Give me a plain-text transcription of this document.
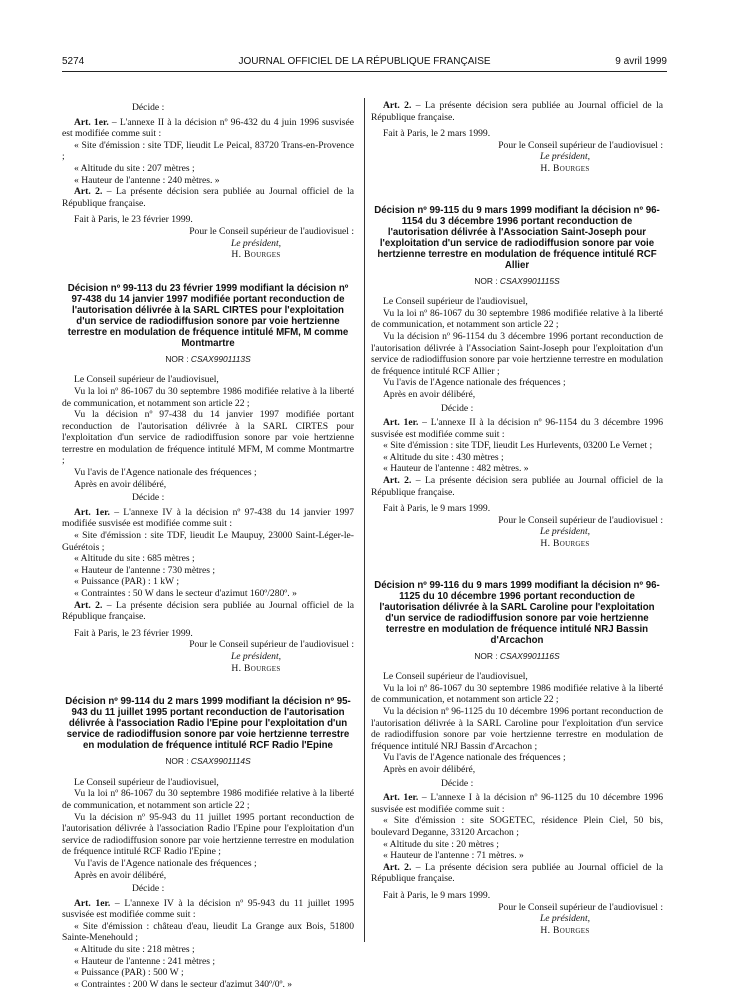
5274	JOURNAL OFFICIEL DE LA RÉPUBLIQUE FRANÇAISE	9 avril 1999

Décide :

Art. 1er. – L'annexe II à la décision nº 96-432 du 4 juin 1996 susvisée est modifiée comme suit :

« Site d'émission : site TDF, lieudit Le Peical, 83720 Trans-en-Provence ;

« Altitude du site : 207 mètres ;

« Hauteur de l'antenne : 240 mètres. »

Art. 2. – La présente décision sera publiée au Journal officiel de la République française.

Fait à Paris, le 23 février 1999.

Pour le Conseil supérieur de l'audiovisuel :

Le président,

H. Bourges

Décision nº 99-113 du 23 février 1999 modifiant la décision nº 97-438 du 14 janvier 1997 modifiée portant reconduction de l'autorisation délivrée à la SARL CIRTES pour l'exploitation d'un service de radiodiffusion sonore par voie hertzienne terrestre en modulation de fréquence intitulé MFM, M comme Montmartre

NOR : CSAX9901113S

Le Conseil supérieur de l'audiovisuel,

Vu la loi nº 86-1067 du 30 septembre 1986 modifiée relative à la liberté de communication, et notamment son article 22 ;

Vu la décision nº 97-438 du 14 janvier 1997 modifiée portant reconduction de l'autorisation délivrée à la SARL CIRTES pour l'exploitation d'un service de radiodiffusion sonore par voie hertzienne terrestre en modulation de fréquence intitulé MFM, M comme Montmartre ;

Vu l'avis de l'Agence nationale des fréquences ;

Après en avoir délibéré,

Décide :

Art. 1er. – L'annexe IV à la décision nº 97-438 du 14 janvier 1997 modifiée susvisée est modifiée comme suit :

« Site d'émission : site TDF, lieudit Le Maupuy, 23000 Saint-Léger-le-Guérétois ;

« Altitude du site : 685 mètres ;

« Hauteur de l'antenne : 730 mètres ;

« Puissance (PAR) : 1 kW ;

« Contraintes : 50 W dans le secteur d'azimut 160º/280º. »

Art. 2. – La présente décision sera publiée au Journal officiel de la République française.

Fait à Paris, le 23 février 1999.

Pour le Conseil supérieur de l'audiovisuel :

Le président,

H. Bourges

Décision nº 99-114 du 2 mars 1999 modifiant la décision nº 95-943 du 11 juillet 1995 portant reconduction de l'autorisation délivrée à l'association Radio l'Epine pour l'exploitation d'un service de radiodiffusion sonore par voie hertzienne terrestre en modulation de fréquence intitulé RCF Radio l'Epine

NOR : CSAX9901114S

Le Conseil supérieur de l'audiovisuel,

Vu la loi nº 86-1067 du 30 septembre 1986 modifiée relative à la liberté de communication, et notamment son article 22 ;

Vu la décision nº 95-943 du 11 juillet 1995 portant reconduction de l'autorisation délivrée à l'association Radio l'Epine pour l'exploitation d'un service de radiodiffusion sonore par voie hertzienne terrestre en modulation de fréquence intitulé RCF Radio l'Epine ;

Vu l'avis de l'Agence nationale des fréquences ;

Après en avoir délibéré,

Décide :

Art. 1er. – L'annexe IV à la décision nº 95-943 du 11 juillet 1995 susvisée est modifiée comme suit :

« Site d'émission : château d'eau, lieudit La Grange aux Bois, 51800 Sainte-Menehould ;

« Altitude du site : 218 mètres ;

« Hauteur de l'antenne : 241 mètres ;

« Puissance (PAR) : 500 W ;

« Contraintes : 200 W dans le secteur d'azimut 340º/0º. »

Art. 2. – La présente décision sera publiée au Journal officiel de la République française.

Fait à Paris, le 2 mars 1999.

Pour le Conseil supérieur de l'audiovisuel :

Le président,

H. Bourges

Décision nº 99-115 du 9 mars 1999 modifiant la décision nº 96-1154 du 3 décembre 1996 portant reconduction de l'autorisation délivrée à l'Association Saint-Joseph pour l'exploitation d'un service de radiodiffusion sonore par voie hertzienne terrestre en modulation de fréquence intitulé RCF Allier

NOR : CSAX9901115S

Le Conseil supérieur de l'audiovisuel,

Vu la loi nº 86-1067 du 30 septembre 1986 modifiée relative à la liberté de communication, et notamment son article 22 ;

Vu la décision nº 96-1154 du 3 décembre 1996 portant reconduction de l'autorisation délivrée à l'Association Saint-Joseph pour l'exploitation d'un service de radiodiffusion sonore par voie hertzienne terrestre en modulation de fréquence intitulé RCF Allier ;

Vu l'avis de l'Agence nationale des fréquences ;

Après en avoir délibéré,

Décide :

Art. 1er. – L'annexe II à la décision nº 96-1154 du 3 décembre 1996 susvisée est modifiée comme suit :

« Site d'émission : site TDF, lieudit Les Hurlevents, 03200 Le Vernet ;

« Altitude du site : 430 mètres ;

« Hauteur de l'antenne : 482 mètres. »

Art. 2. – La présente décision sera publiée au Journal officiel de la République française.

Fait à Paris, le 9 mars 1999.

Pour le Conseil supérieur de l'audiovisuel :

Le président,

H. Bourges

Décision nº 99-116 du 9 mars 1999 modifiant la décision nº 96-1125 du 10 décembre 1996 portant reconduction de l'autorisation délivrée à la SARL Caroline pour l'exploitation d'un service de radiodiffusion sonore par voie hertzienne terrestre en modulation de fréquence intitulé NRJ Bassin d'Arcachon

NOR : CSAX9901116S

Le Conseil supérieur de l'audiovisuel,

Vu la loi nº 86-1067 du 30 septembre 1986 modifiée relative à la liberté de communication, et notamment son article 22 ;

Vu la décision nº 96-1125 du 10 décembre 1996 portant reconduction de l'autorisation délivrée à la SARL Caroline pour l'exploitation d'un service de radiodiffusion sonore par voie hertzienne terrestre en modulation de fréquence intitulé NRJ Bassin d'Arcachon ;

Vu l'avis de l'Agence nationale des fréquences ;

Après en avoir délibéré,

Décide :

Art. 1er. – L'annexe I à la décision nº 96-1125 du 10 décembre 1996 susvisée est modifiée comme suit :

« Site d'émission : site SOGETEC, résidence Plein Ciel, 50 bis, boulevard Deganne, 33120 Arcachon ;

« Altitude du site : 20 mètres ;

« Hauteur de l'antenne : 71 mètres. »

Art. 2. – La présente décision sera publiée au Journal officiel de la République française.

Fait à Paris, le 9 mars 1999.

Pour le Conseil supérieur de l'audiovisuel :

Le président,

H. Bourges
